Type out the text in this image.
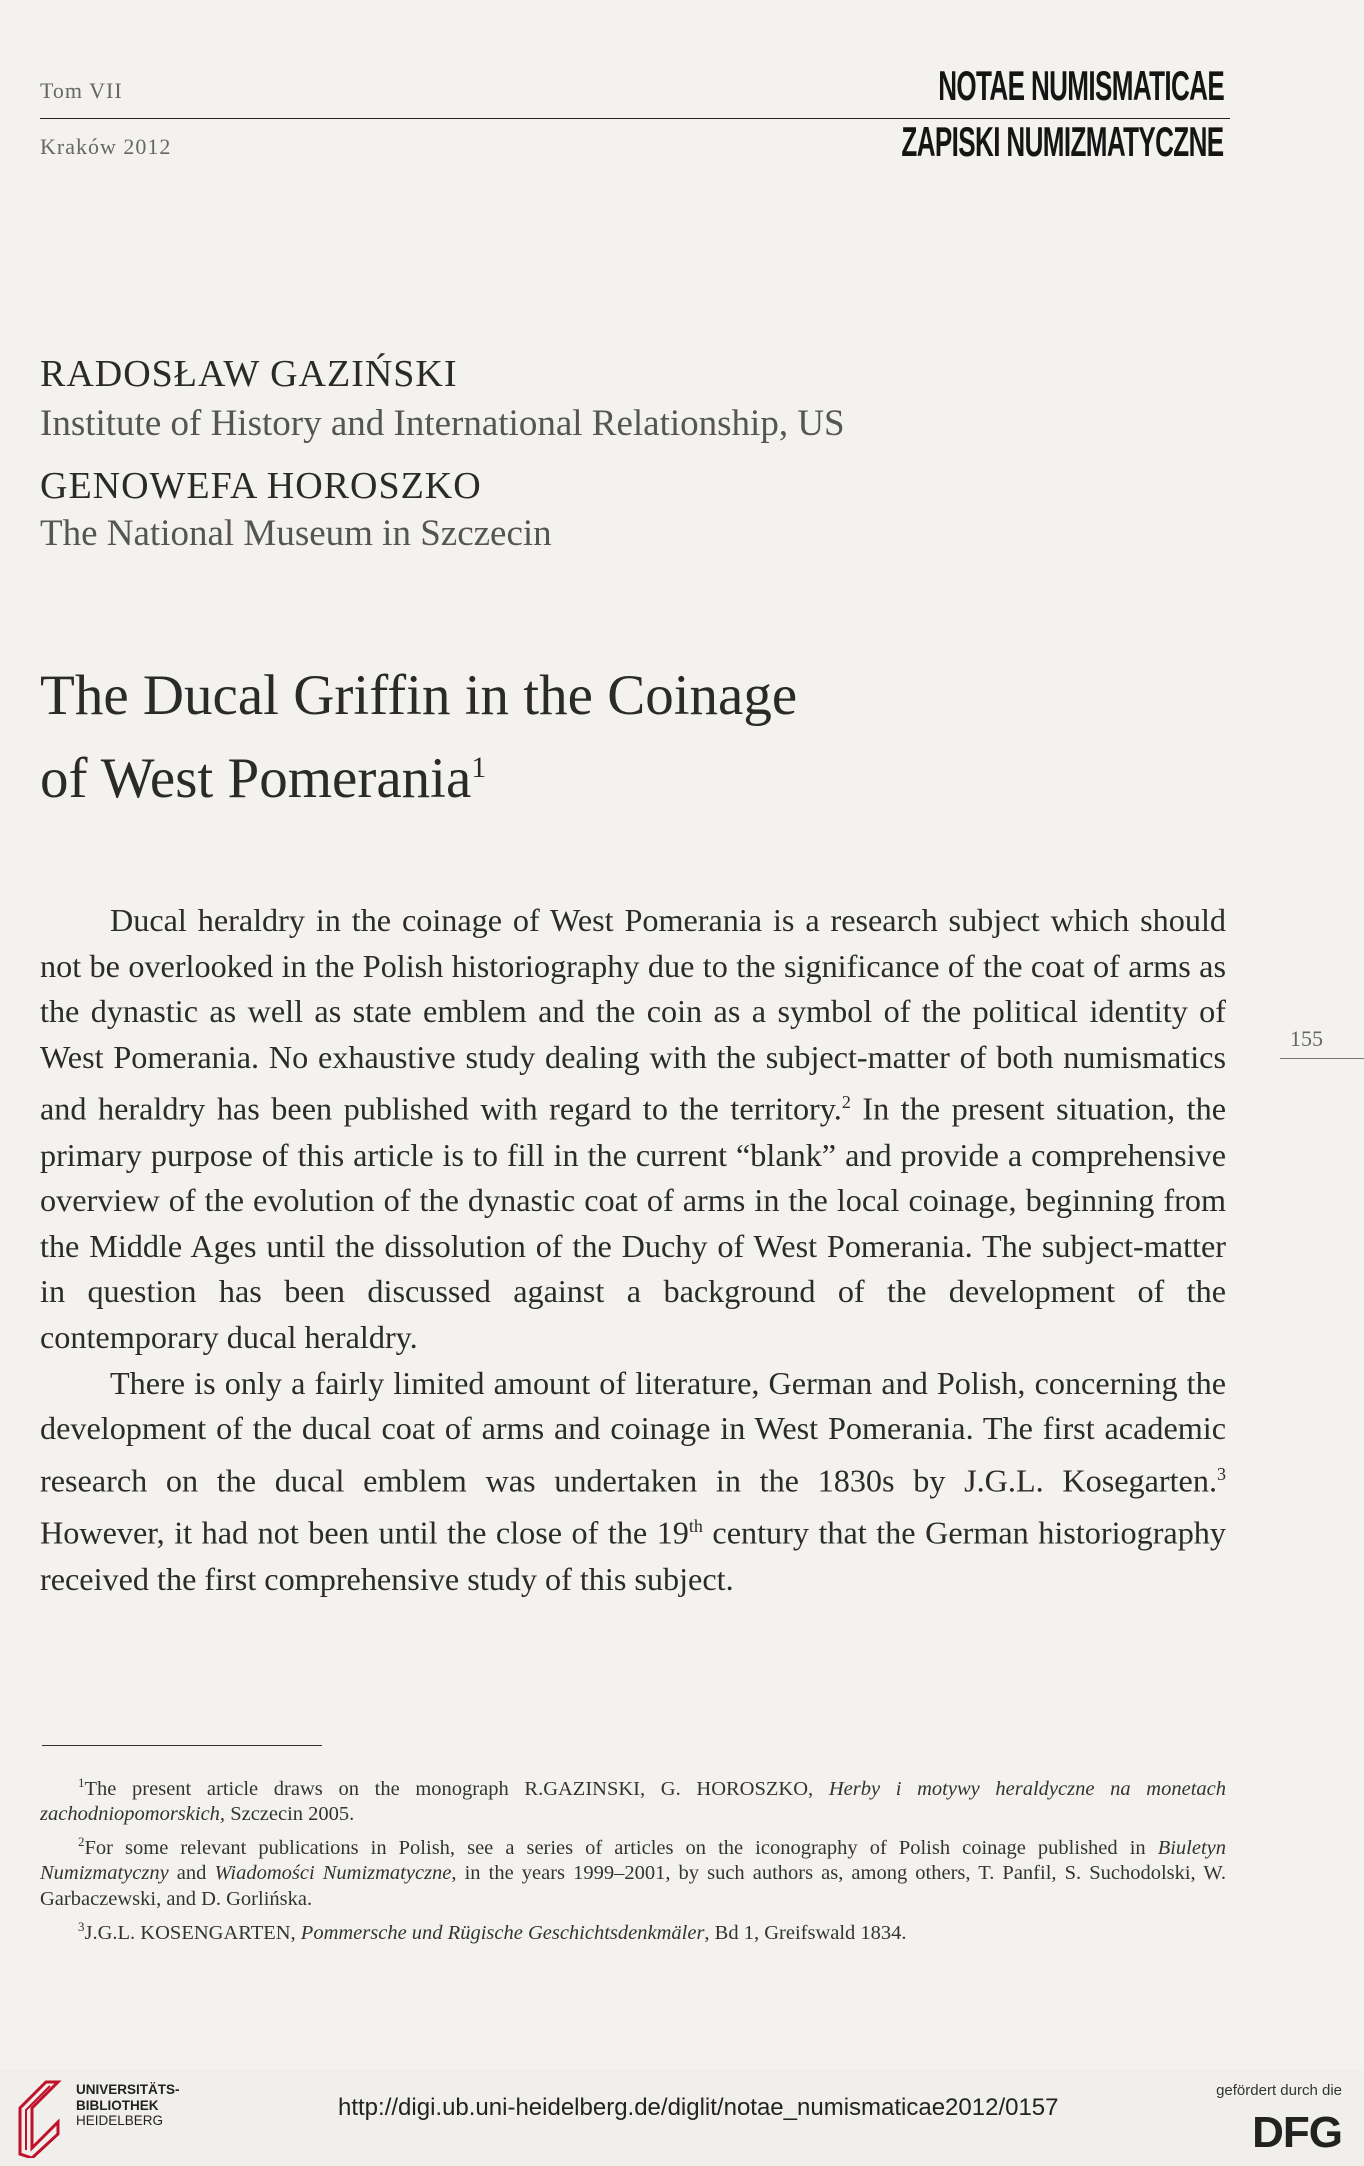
Tom VII
Kraków 2012
NOTAE NUMISMATICAE
ZAPISKI NUMIZMATYCZNE
RADOSŁAW GAZIŃSKI
Institute of History and International Relationship, US
GENOWEFA HOROSZKO
The National Museum in Szczecin
The Ducal Griffin in the Coinage
of West Pomerania$^1$
155

Ducal heraldry in the coinage of West Pomerania is a research subject which should not be overlooked in the Polish historiography due to the significance of the coat of arms as the dynastic as well as state emblem and the coin as a symbol of the political identity of West Pomerania. No exhaustive study dealing with the subject-matter of both numismatics and heraldry has been published with regard to the territory.$^2$ In the present situation, the primary purpose of this article is to fill in the current “blank” and provide a comprehensive overview of the evolution of the dynastic coat of arms in the local coinage, beginning from the Middle Ages until the dissolution of the Duchy of West Pomerania. The subject-matter in question has been discussed against a background of the development of the contemporary ducal heraldry.

There is only a fairly limited amount of literature, German and Polish, concerning the development of the ducal coat of arms and coinage in West Pomerania. The first academic research on the ducal emblem was undertaken in the 1830s by J.G.L. Kosegarten.$^3$ However, it had not been until the close of the 19th century that the German historiography received the first comprehensive study of this subject.

$^1$The present article draws on the monograph R.GAZINSKI, G. HOROSZKO, Herby i motywy heraldyczne na monetach zachodniopomorskich, Szczecin 2005.

$^2$For some relevant publications in Polish, see a series of articles on the iconography of Polish coinage published in Biuletyn Numizmatyczny and Wiadomości Numizmatyczne, in the years 1999–2001, by such authors as, among others, T. Panfil, S. Suchodolski, W. Garbaczewski, and D. Gorlińska.

$^3$J.G.L. KOSENGARTEN, Pommersche und Rügische Geschichtsdenkmäler, Bd 1, Greifswald 1834.

UNIVERSITÄTS-
BIBLIOTHEK
HEIDELBERG	http://digi.ub.uni-heidelberg.de/diglit/notae_numismaticae2012/0157
gefördert durch die
DFG
